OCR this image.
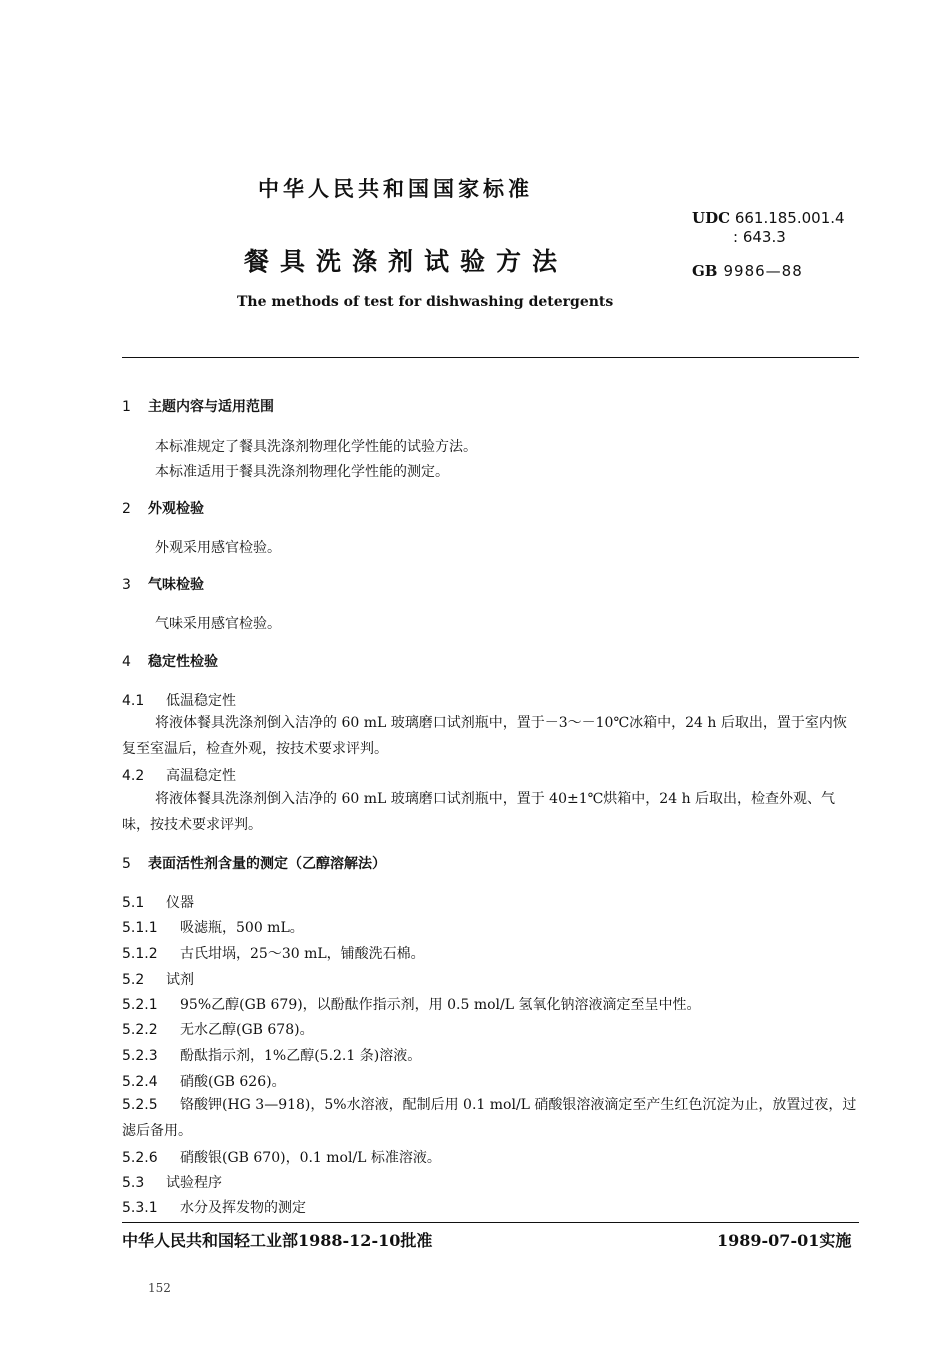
中华人民共和国国家标准
餐具洗涤剂试验方法
The methods of test for dishwashing detergents
UDC 661.185.001.4
: 643.3
GB 9986—88
1 主题内容与适用范围
本标准规定了餐具洗涤剂物理化学性能的试验方法。
本标准适用于餐具洗涤剂物理化学性能的测定。
2 外观检验
外观采用感官检验。
3 气味检验
气味采用感官检验。
4 稳定性检验
4.1 低温稳定性
将液体餐具洗涤剂倒入洁净的 60 mL 玻璃磨口试剂瓶中，置于－3～－10℃冰箱中，24 h 后取出，置于室内恢复至室温后，检查外观，按技术要求评判。
4.2 高温稳定性
将液体餐具洗涤剂倒入洁净的 60 mL 玻璃磨口试剂瓶中，置于 40±1℃烘箱中，24 h 后取出，检查外观、气味，按技术要求评判。
5 表面活性剂含量的测定（乙醇溶解法）
5.1 仪器
5.1.1 吸滤瓶，500 mL。
5.1.2 古氏坩埚，25～30 mL，铺酸洗石棉。
5.2 试剂
5.2.1 95%乙醇(GB 679)，以酚酞作指示剂，用 0.5 mol/L 氢氧化钠溶液滴定至呈中性。
5.2.2 无水乙醇(GB 678)。
5.2.3 酚酞指示剂，1%乙醇(5.2.1 条)溶液。
5.2.4 硝酸(GB 626)。
5.2.5 铬酸钾(HG 3—918)，5%水溶液，配制后用 0.1 mol/L 硝酸银溶液滴定至产生红色沉淀为止，放置过夜，过滤后备用。
5.2.6 硝酸银(GB 670)，0.1 mol/L 标准溶液。
5.3 试验程序
5.3.1 水分及挥发物的测定
中华人民共和国轻工业部1988-12-10批准	1989-07-01实施
152
